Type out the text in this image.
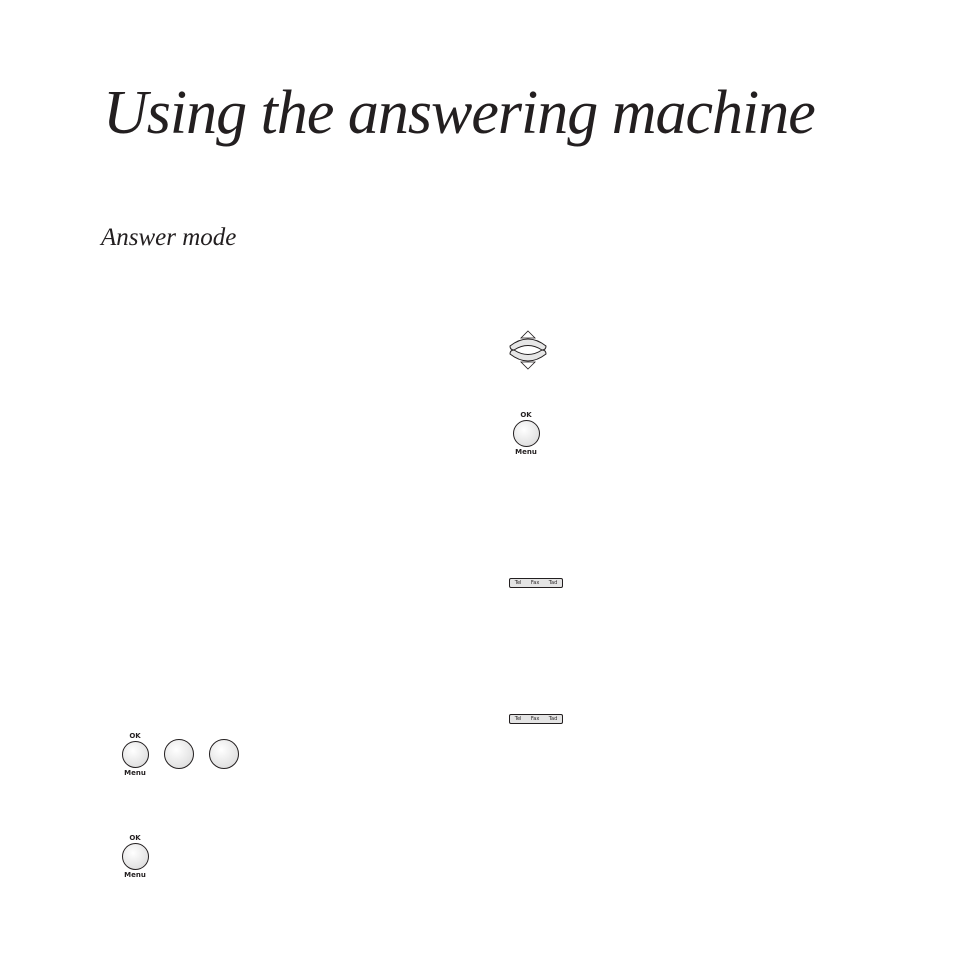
Using the answering machine
Answer mode
OK
Menu
Tel Fax Tad
Tel Fax Tad
OK
Menu
OK
Menu
